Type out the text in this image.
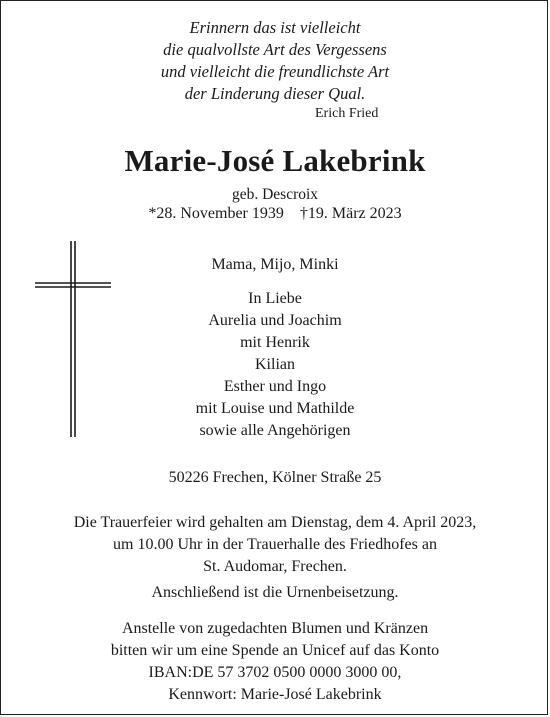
Erinnern das ist vielleicht
die qualvollste Art des Vergessens
und vielleicht die freundlichste Art
der Linderung dieser Qual.
Erich Fried
Marie-José Lakebrink
geb. Descroix
*28. November 1939 †19. März 2023
Mama, Mijo, Minki
In Liebe
Aurelia und Joachim
mit Henrik
Kilian
Esther und Ingo
mit Louise und Mathilde
sowie alle Angehörigen
50226 Frechen, Kölner Straße 25
Die Trauerfeier wird gehalten am Dienstag, dem 4. April 2023,
um 10.00 Uhr in der Trauerhalle des Friedhofes an
St. Audomar, Frechen.
Anschließend ist die Urnenbeisetzung.
Anstelle von zugedachten Blumen und Kränzen
bitten wir um eine Spende an Unicef auf das Konto
IBAN:DE 57 3702 0500 0000 3000 00,
Kennwort: Marie-José Lakebrink
